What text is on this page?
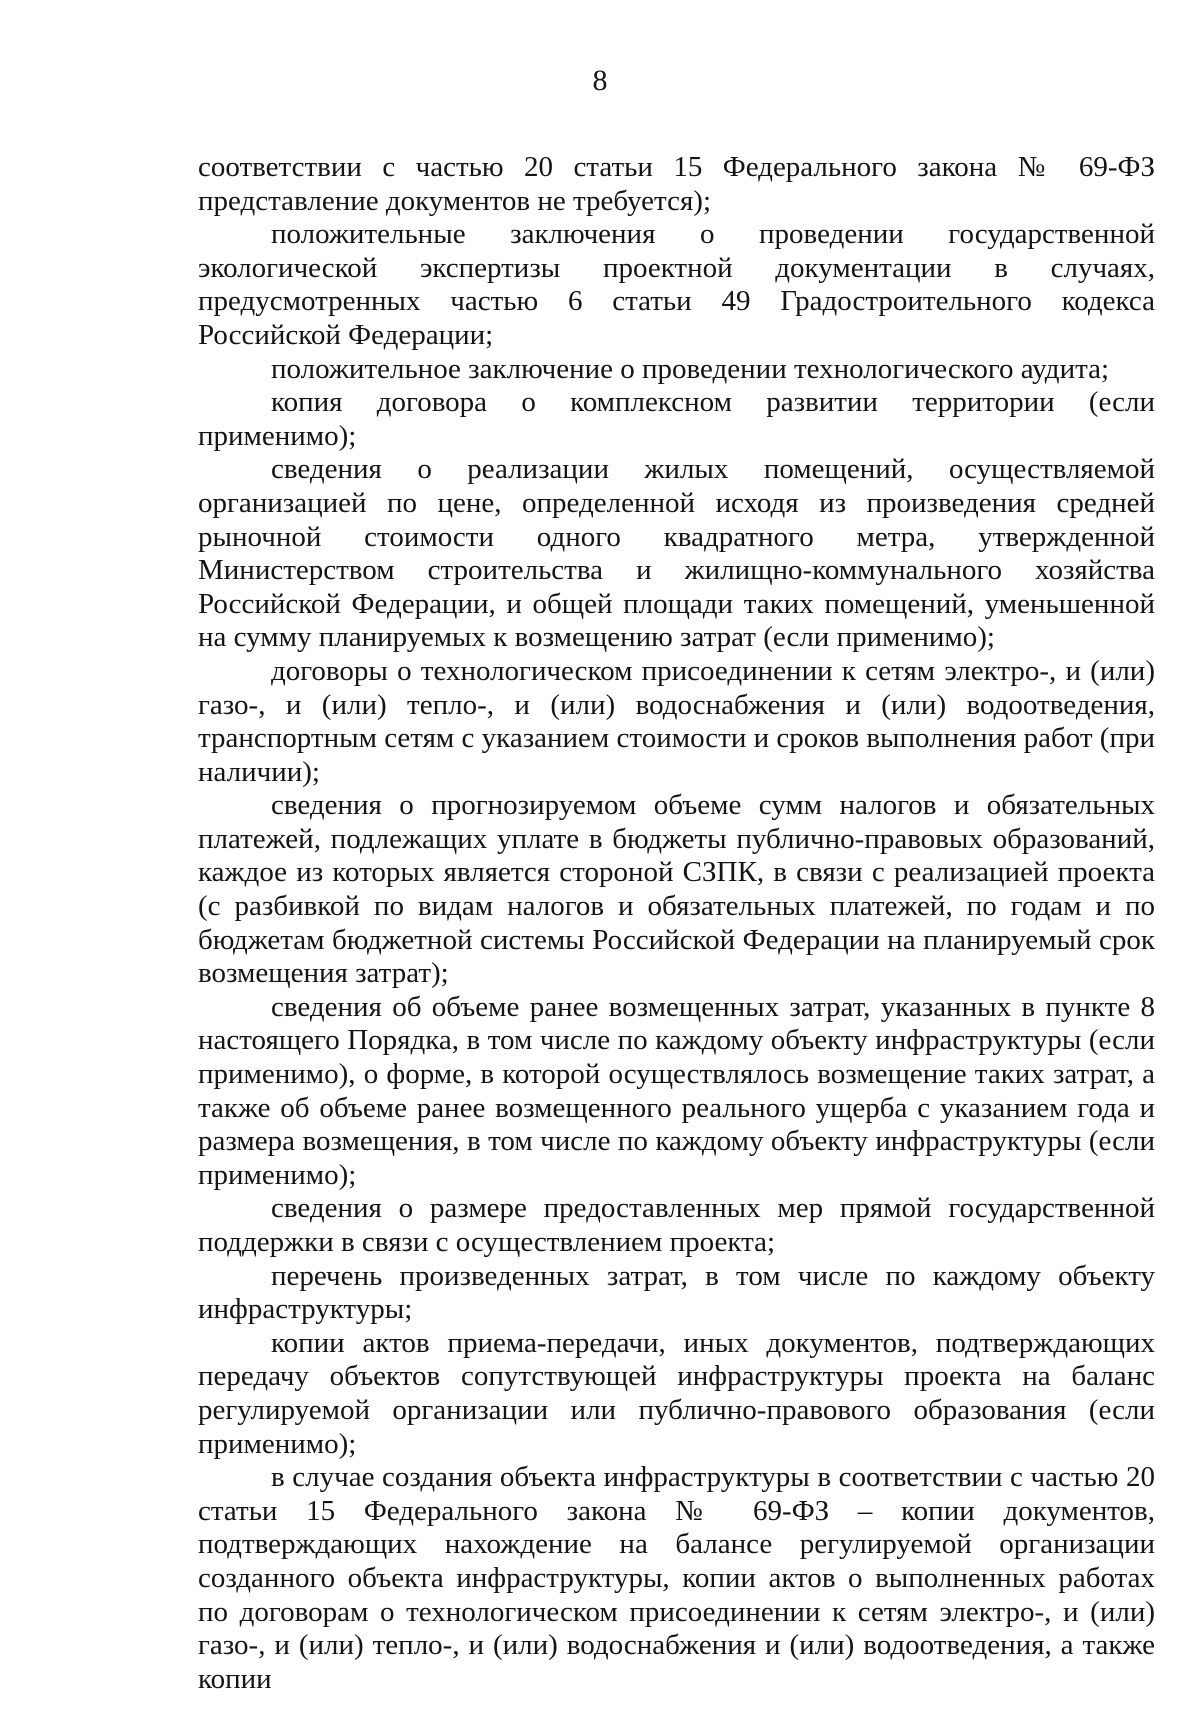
8

соответствии с частью 20 статьи 15 Федерального закона № 69-ФЗ представление документов не требуется);

положительные заключения о проведении государственной экологической экспертизы проектной документации в случаях, предусмотренных частью 6 статьи 49 Градостроительного кодекса Российской Федерации;

положительное заключение о проведении технологического аудита;

копия договора о комплексном развитии территории (если применимо);

сведения о реализации жилых помещений, осуществляемой организацией по цене, определенной исходя из произведения средней рыночной стоимости одного квадратного метра, утвержденной Министерством строительства и жилищно-коммунального хозяйства Российской Федерации, и общей площади таких помещений, уменьшенной на сумму планируемых к возмещению затрат (если применимо);

договоры о технологическом присоединении к сетям электро-, и (или) газо-, и (или) тепло-, и (или) водоснабжения и (или) водоотведения, транспортным сетям с указанием стоимости и сроков выполнения работ (при наличии);

сведения о прогнозируемом объеме сумм налогов и обязательных платежей, подлежащих уплате в бюджеты публично-правовых образований, каждое из которых является стороной СЗПК, в связи с реализацией проекта (с разбивкой по видам налогов и обязательных платежей, по годам и по бюджетам бюджетной системы Российской Федерации на планируемый срок возмещения затрат);

сведения об объеме ранее возмещенных затрат, указанных в пункте 8 настоящего Порядка, в том числе по каждому объекту инфраструктуры (если применимо), о форме, в которой осуществлялось возмещение таких затрат, а также об объеме ранее возмещенного реального ущерба с указанием года и размера возмещения, в том числе по каждому объекту инфраструктуры (если применимо);

сведения о размере предоставленных мер прямой государственной поддержки в связи с осуществлением проекта;

перечень произведенных затрат, в том числе по каждому объекту инфраструктуры;

копии актов приема-передачи, иных документов, подтверждающих передачу объектов сопутствующей инфраструктуры проекта на баланс регулируемой организации или публично-правового образования (если применимо);

в случае создания объекта инфраструктуры в соответствии с частью 20 статьи 15 Федерального закона № 69-ФЗ – копии документов, подтверждающих нахождение на балансе регулируемой организации созданного объекта инфраструктуры, копии актов о выполненных работах по договорам о технологическом присоединении к сетям электро-, и (или) газо-, и (или) тепло-, и (или) водоснабжения и (или) водоотведения, а также копии
